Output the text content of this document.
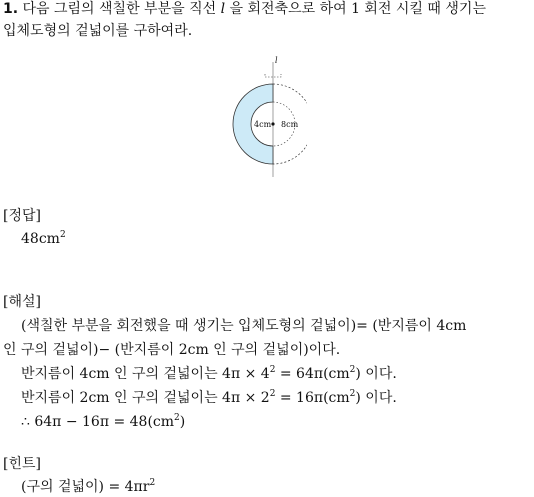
1. 다음 그림의 색칠한 부분을 직선 l 을 회전축으로 하여 1 회전 시킬 때 생기는
입체도형의 겉넓이를 구하여라.
l
4cm 8cm
[정답]
$48cm^2$
[해설]
(색칠한 부분을 회전했을 때 생기는 입체도형의 겉넓이)= (반지름이 4cm
인 구의 겉넓이)− (반지름이 2cm 인 구의 겉넓이)이다.
반지름이 4cm 인 구의 겉넓이는 $4\pi \times 4^2 = 64\pi(cm^2)$ 이다.
반지름이 2cm 인 구의 겉넓이는 $4\pi \times 2^2 = 16\pi(cm^2)$ 이다.
∴ $64\pi - 16\pi = 48(cm^2)$
[힌트]
(구의 겉넓이) = $4\pi r^2$
